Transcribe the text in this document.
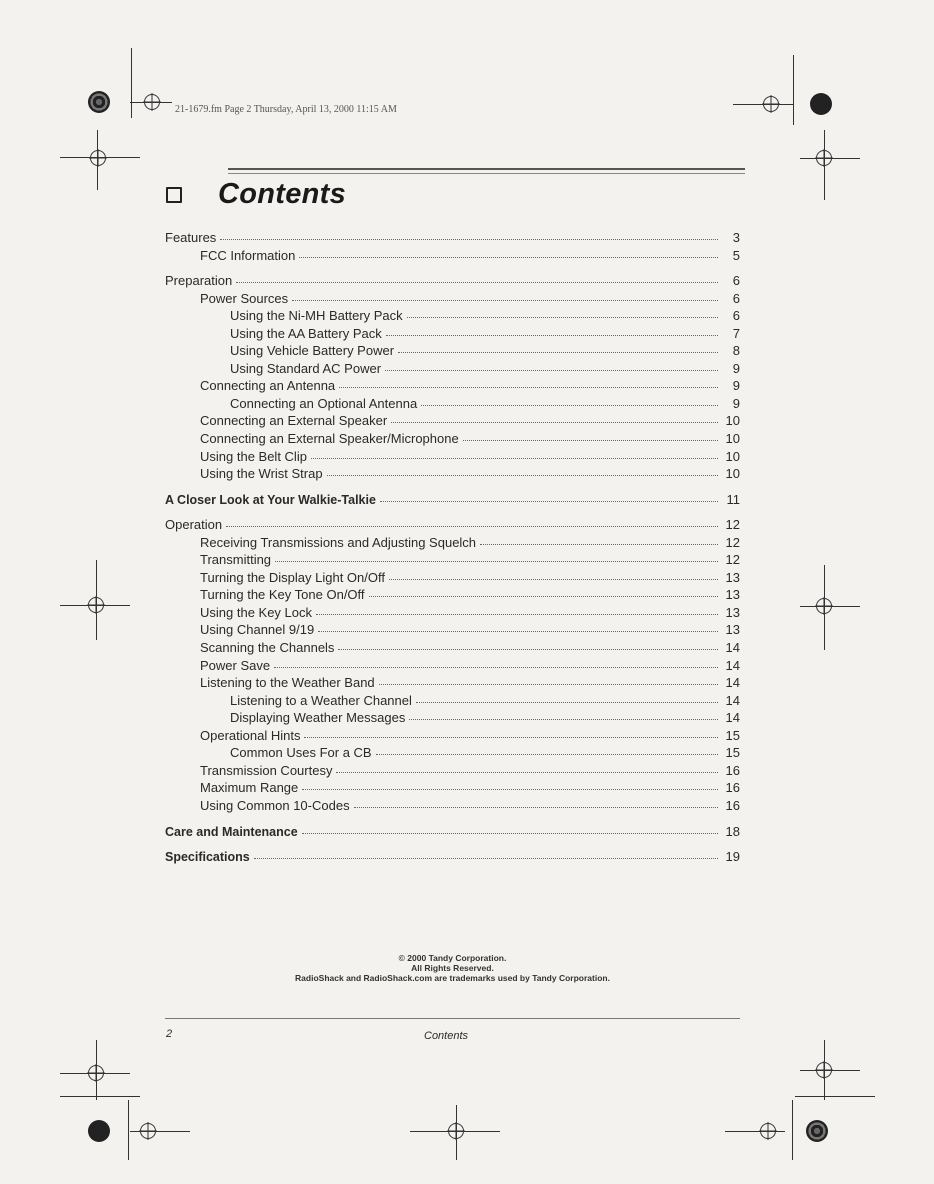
21-1679.fm Page 2 Thursday, April 13, 2000 11:15 AM
Contents
Features	3
FCC Information	5
Preparation	6
Power Sources	6
Using the Ni-MH Battery Pack	6
Using the AA Battery Pack	7
Using Vehicle Battery Power	8
Using Standard AC Power	9
Connecting an Antenna	9
Connecting an Optional Antenna	9
Connecting an External Speaker	10
Connecting an External Speaker/Microphone	10
Using the Belt Clip	10
Using the Wrist Strap	10
A Closer Look at Your Walkie-Talkie	11
Operation	12
Receiving Transmissions and Adjusting Squelch	12
Transmitting	12
Turning the Display Light On/Off	13
Turning the Key Tone On/Off	13
Using the Key Lock	13
Using Channel 9/19	13
Scanning the Channels	14
Power Save	14
Listening to the Weather Band	14
Listening to a Weather Channel	14
Displaying Weather Messages	14
Operational Hints	15
Common Uses For a CB	15
Transmission Courtesy	16
Maximum Range	16
Using Common 10-Codes	16
Care and Maintenance	18
Specifications	19
© 2000 Tandy Corporation.
All Rights Reserved.
RadioShack and RadioShack.com are trademarks used by Tandy Corporation.
2	Contents
